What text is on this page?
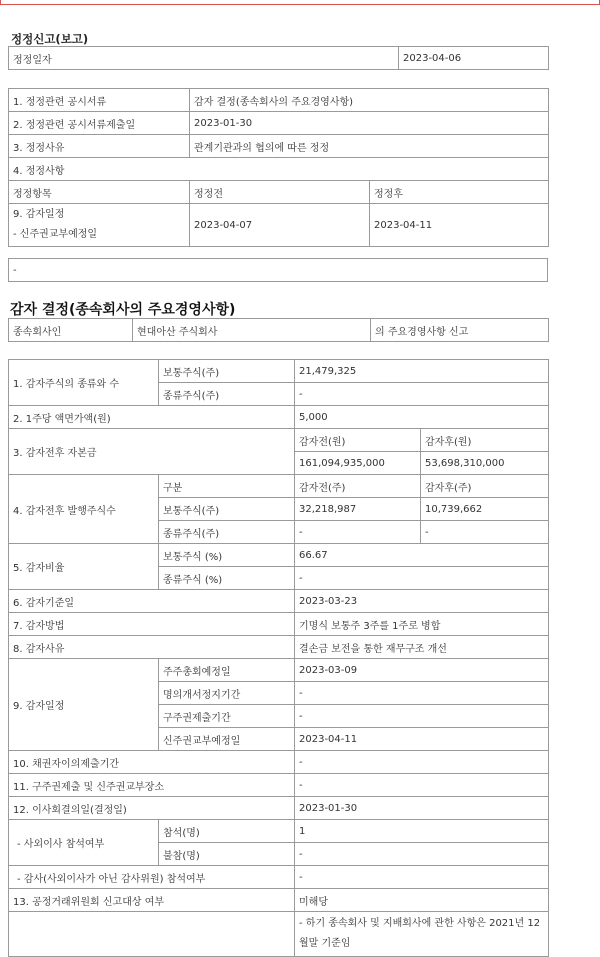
정정신고(보고)
정정일자	2023-04-06
1. 정정관련 공시서류	감자 결정(종속회사의 주요경영사항)	
2. 정정관련 공시서류제출일	2023-01-30	
3. 정정사유	관계기관과의 협의에 따른 정정	
4. 정정사항		
정정항목	정정전	정정후

9. 감자일정
- 신주권교부예정일	2023-04-07	2023-04-11
-
감자 결정(종속회사의 주요경영사항)
종속회사인	현대아산 주식회사	의 주요경영사항 신고
1. 감자주식의 종류와 수	보통주식(주)	21,479,325	
	종류주식(주)	-	
2. 1주당 액면가액(원)		5,000	
3. 감자전후 자본금		감자전(원)	감자후(원)
		161,094,935,000	53,698,310,000
4. 감자전후 발행주식수	구분	감자전(주)	감자후(주)
	보통주식(주)	32,218,987	10,739,662
	종류주식(주)	-	-
5. 감자비율	보통주식 (%)	66.67	
	종류주식 (%)	-	
6. 감자기준일		2023-03-23	
7. 감자방법		기명식 보통주 3주를 1주로 병합	
8. 감자사유		결손금 보전을 통한 재무구조 개선	
9. 감자일정	주주총회예정일	2023-03-09	
	명의개서정지기간	-	
	구주권제출기간	-	
	신주권교부예정일	2023-04-11	
10. 채권자이의제출기간		-	
11. 구주권제출 및 신주권교부장소		-	
12. 이사회결의일(결정일)		2023-01-30	
- 사외이사 참석여부	참석(명)	1	
	불참(명)	-	
- 감사(사외이사가 아닌 감사위원) 참석여부		-	
13. 공정거래위원회 신고대상 여부		미해당	
		- 하기 종속회사 및 지배회사에 관한 사항은 2021년 12월말 기준임	
